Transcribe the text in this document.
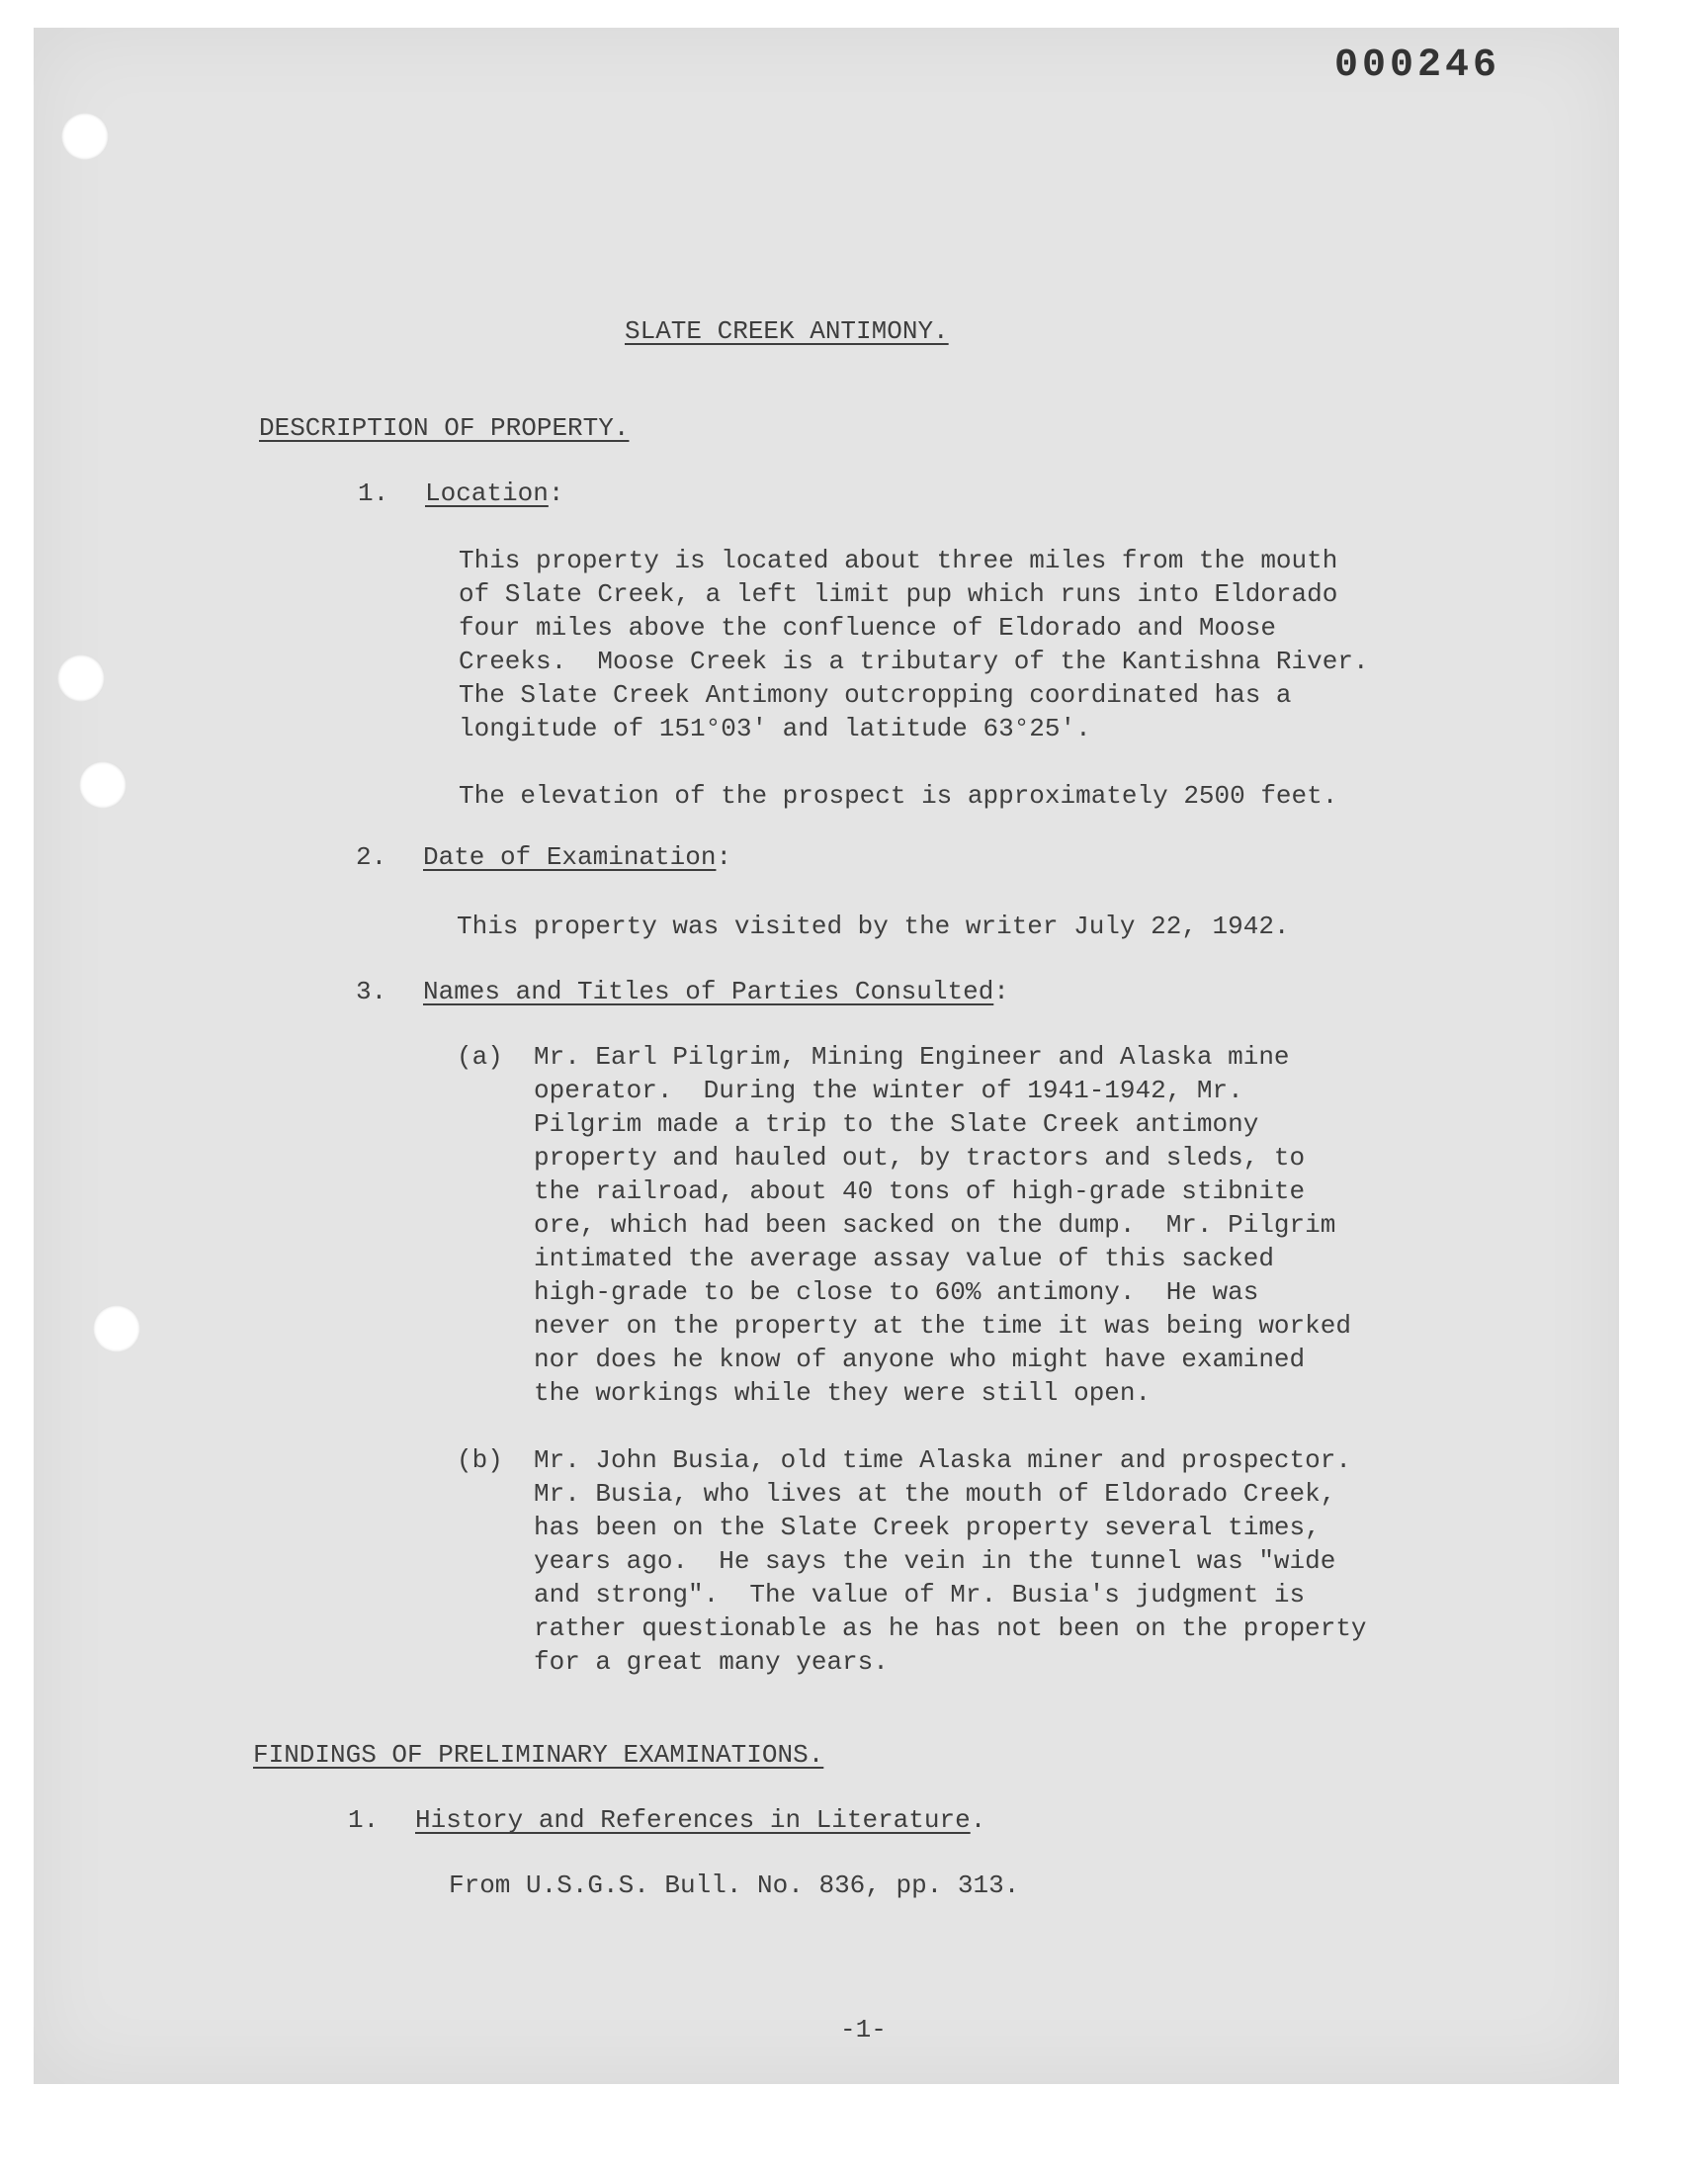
000246
SLATE CREEK ANTIMONY.
DESCRIPTION OF PROPERTY.
1. Location:
This property is located about three miles from the mouth
of Slate Creek, a left limit pup which runs into Eldorado
four miles above the confluence of Eldorado and Moose
Creeks.  Moose Creek is a tributary of the Kantishna River.
The Slate Creek Antimony outcropping coordinated has a
longitude of 151°03' and latitude 63°25'.
The elevation of the prospect is approximately 2500 feet.
2. Date of Examination:
This property was visited by the writer July 22, 1942.
3. Names and Titles of Parties Consulted:
(a) Mr. Earl Pilgrim, Mining Engineer and Alaska mine
operator.  During the winter of 1941-1942, Mr.
Pilgrim made a trip to the Slate Creek antimony
property and hauled out, by tractors and sleds, to
the railroad, about 40 tons of high-grade stibnite
ore, which had been sacked on the dump.  Mr. Pilgrim
intimated the average assay value of this sacked
high-grade to be close to 60% antimony.  He was
never on the property at the time it was being worked
nor does he know of anyone who might have examined
the workings while they were still open.
(b) Mr. John Busia, old time Alaska miner and prospector.
Mr. Busia, who lives at the mouth of Eldorado Creek,
has been on the Slate Creek property several times,
years ago.  He says the vein in the tunnel was "wide
and strong".  The value of Mr. Busia's judgment is
rather questionable as he has not been on the property
for a great many years.
FINDINGS OF PRELIMINARY EXAMINATIONS.
1. History and References in Literature.
From U.S.G.S. Bull. No. 836, pp. 313.
-1-
